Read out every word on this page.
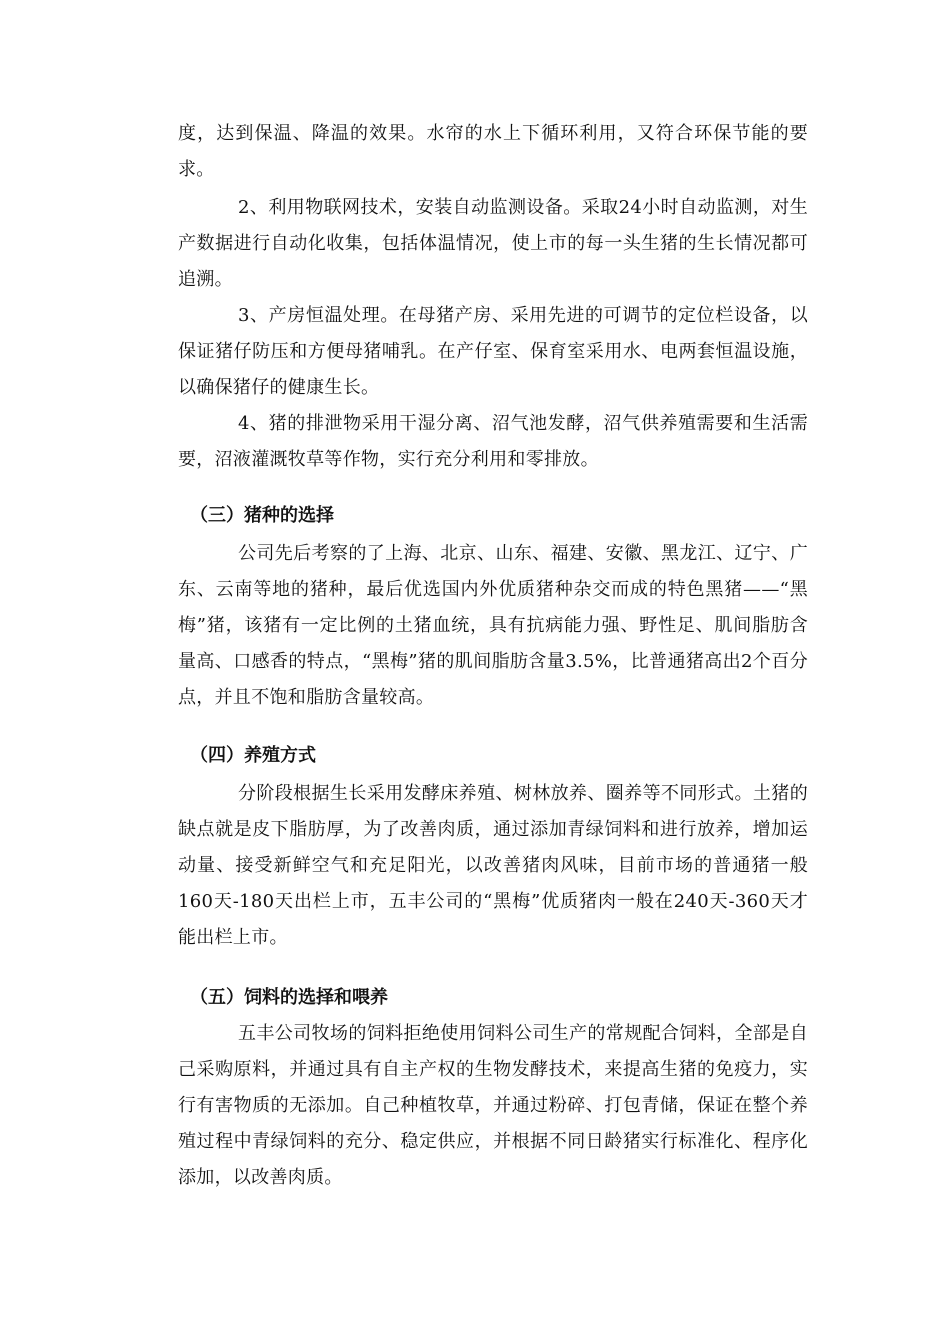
度，达到保温、降温的效果。水帘的水上下循环利用，又符合环保节能的要求。

2、利用物联网技术，安装自动监测设备。采取24小时自动监测，对生产数据进行自动化收集，包括体温情况，使上市的每一头生猪的生长情况都可追溯。

3、产房恒温处理。在母猪产房、采用先进的可调节的定位栏设备，以保证猪仔防压和方便母猪哺乳。在产仔室、保育室采用水、电两套恒温设施，以确保猪仔的健康生长。

4、猪的排泄物采用干湿分离、沼气池发酵，沼气供养殖需要和生活需要，沼液灌溉牧草等作物，实行充分利用和零排放。

（三）猪种的选择

公司先后考察的了上海、北京、山东、福建、安徽、黑龙江、辽宁、广东、云南等地的猪种，最后优选国内外优质猪种杂交而成的特色黑猪——“黑梅”猪，该猪有一定比例的土猪血统，具有抗病能力强、野性足、肌间脂肪含量高、口感香的特点，“黑梅”猪的肌间脂肪含量3.5%，比普通猪高出2个百分点，并且不饱和脂肪含量较高。

（四）养殖方式

分阶段根据生长采用发酵床养殖、树林放养、圈养等不同形式。土猪的缺点就是皮下脂肪厚，为了改善肉质，通过添加青绿饲料和进行放养，增加运动量、接受新鲜空气和充足阳光，以改善猪肉风味，目前市场的普通猪一般160天-180天出栏上市，五丰公司的“黑梅”优质猪肉一般在240天-360天才能出栏上市。

（五）饲料的选择和喂养

五丰公司牧场的饲料拒绝使用饲料公司生产的常规配合饲料，全部是自己采购原料，并通过具有自主产权的生物发酵技术，来提高生猪的免疫力，实行有害物质的无添加。自己种植牧草，并通过粉碎、打包青储，保证在整个养殖过程中青绿饲料的充分、稳定供应，并根据不同日龄猪实行标准化、程序化添加，以改善肉质。
